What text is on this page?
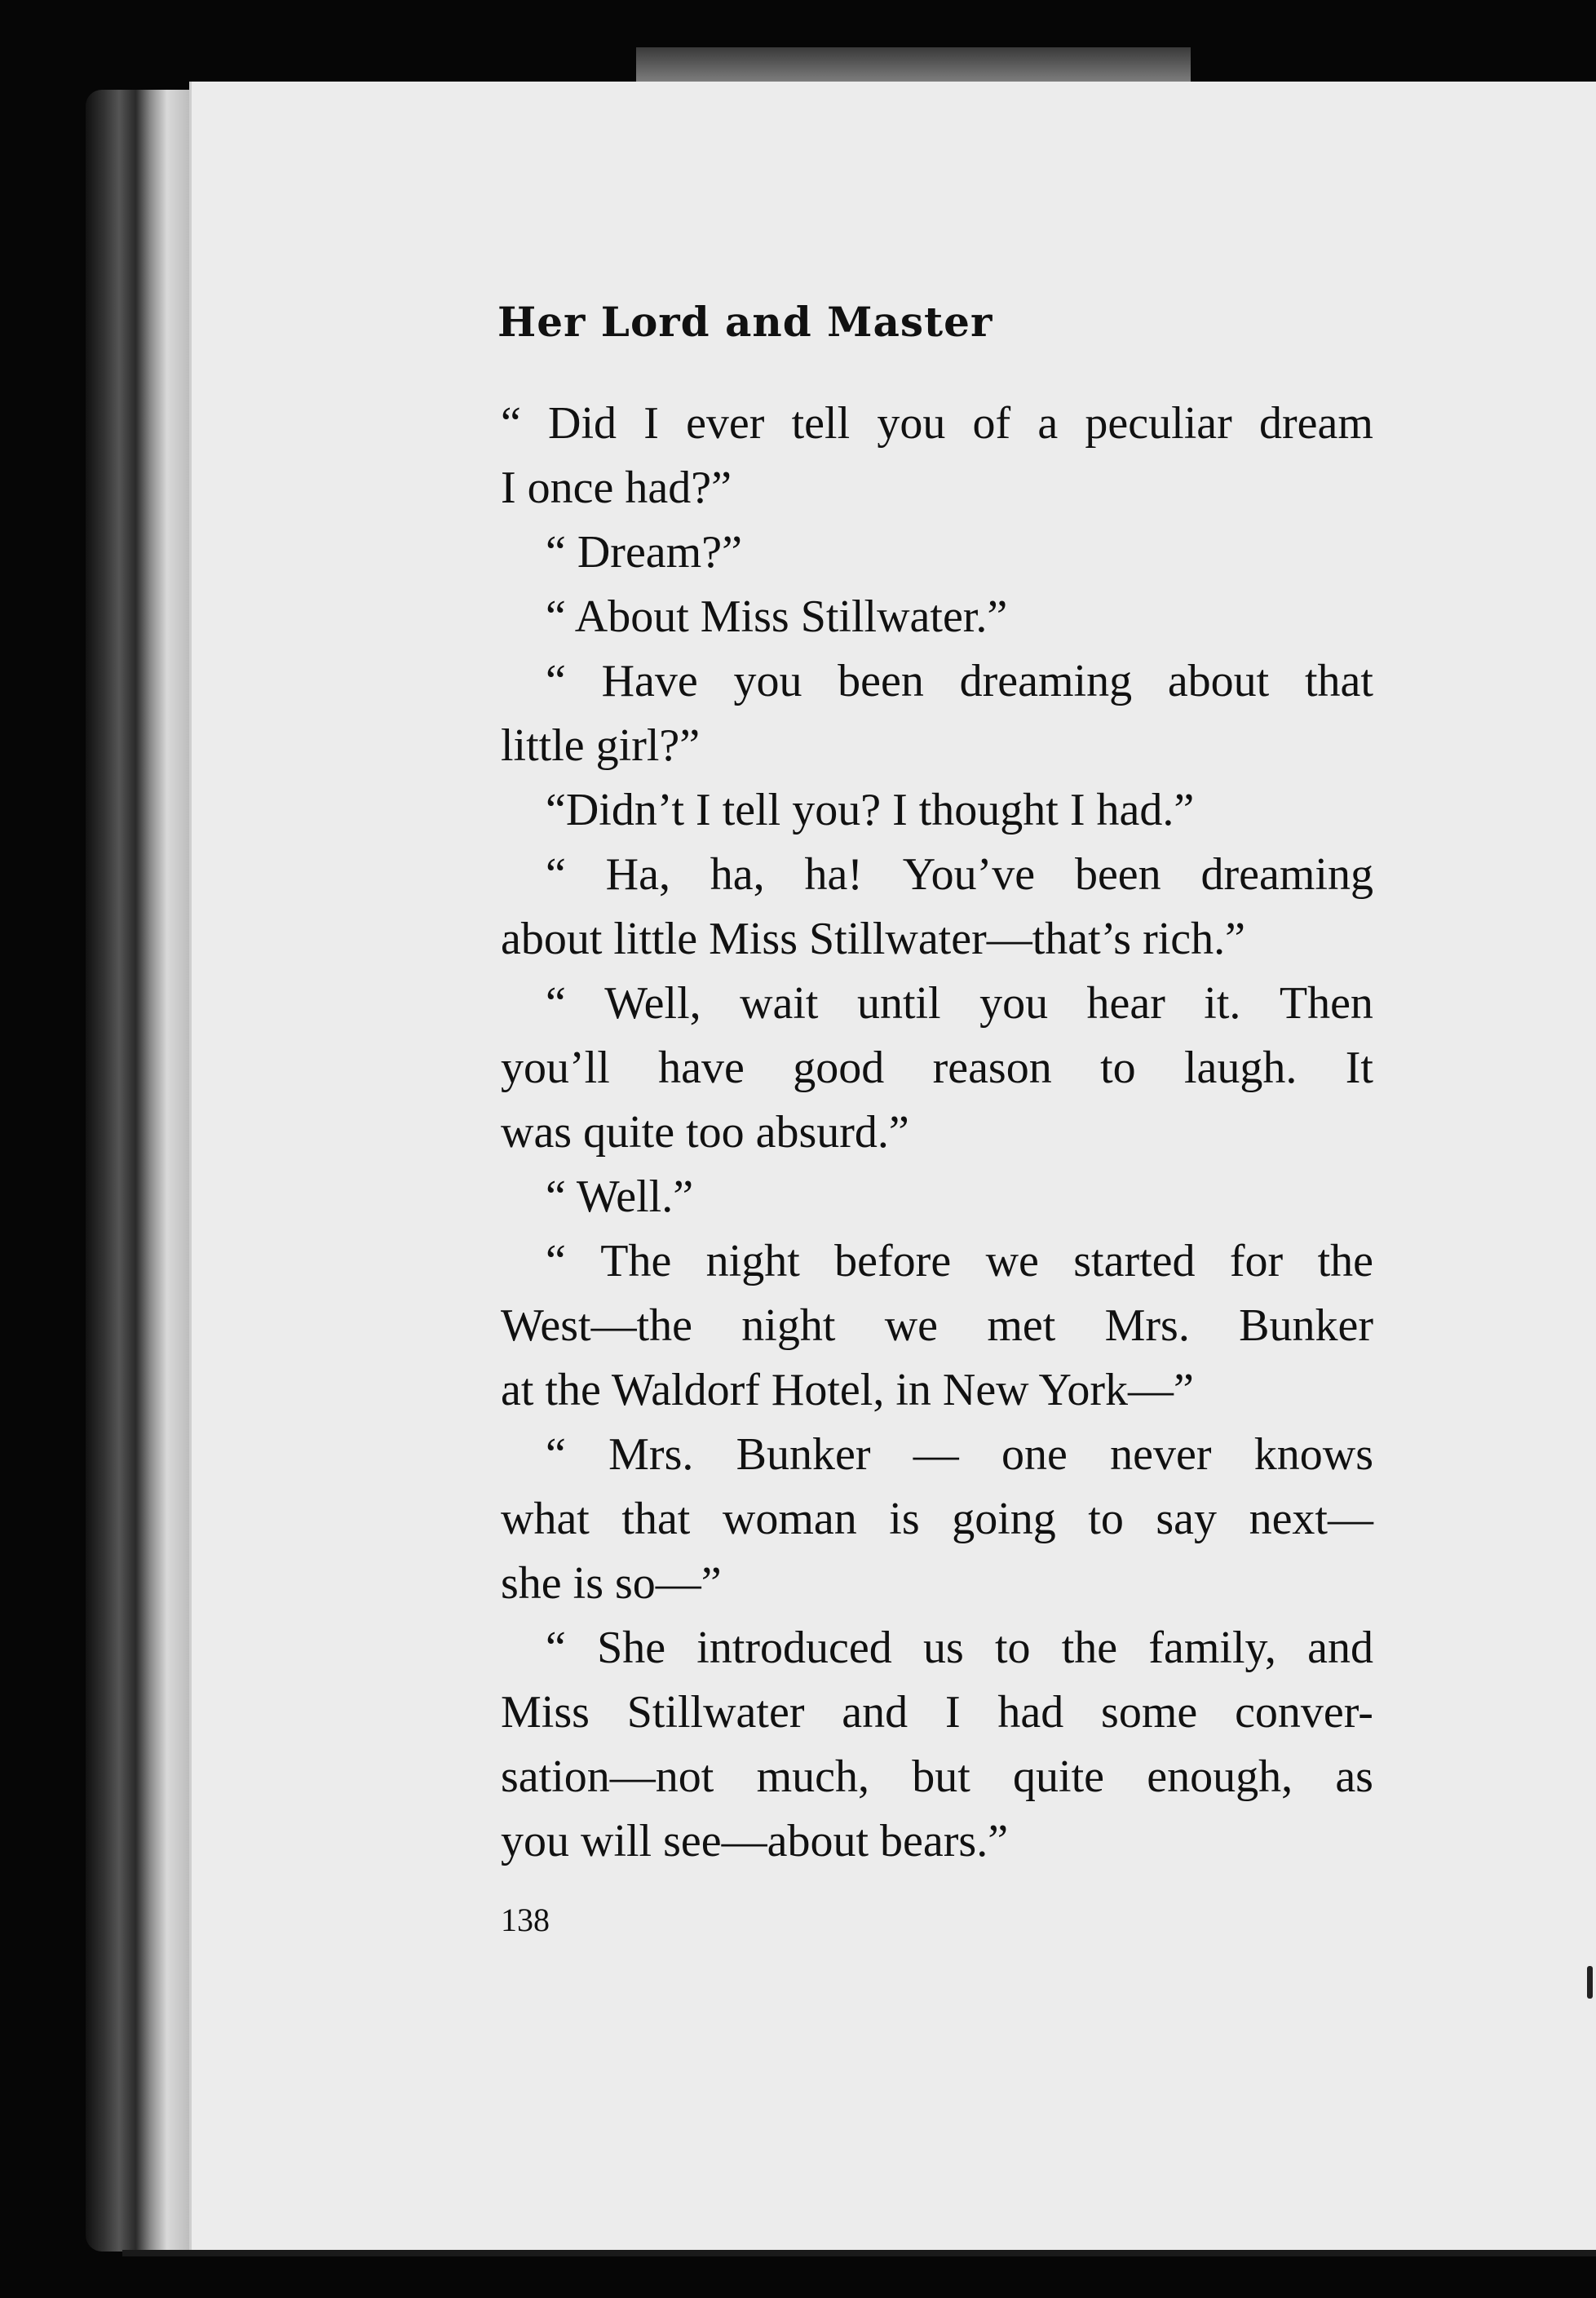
Her Lord and Master
“ Did I ever tell you of a peculiar dream
I once had?”
“ Dream?”
“ About Miss Stillwater.”
“ Have you been dreaming about that
little girl?”
“Didn’t I tell you? I thought I had.”
“ Ha, ha, ha! You’ve been dreaming
about little Miss Stillwater—that’s rich.”
“ Well, wait until you hear it. Then
you’ll have good reason to laugh. It
was quite too absurd.”
“ Well.”
“ The night before we started for the
West—the night we met Mrs. Bunker
at the Waldorf Hotel, in New York—”
“ Mrs. Bunker — one never knows
what that woman is going to say next—
she is so—”
“ She introduced us to the family, and
Miss Stillwater and I had some conver-
sation—not much, but quite enough, as
you will see—about bears.”

138
